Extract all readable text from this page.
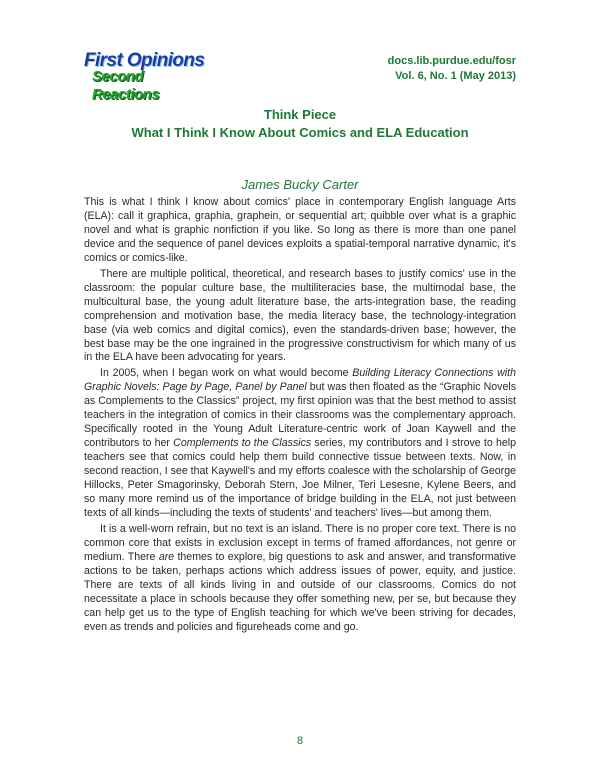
First Opinions
Second Reactions
docs.lib.purdue.edu/fosr
Vol. 6, No. 1 (May 2013)
Think Piece
What I Think I Know About Comics and ELA Education
James Bucky Carter

This is what I think I know about comics' place in contemporary English language Arts (ELA): call it graphica, graphia, graphein, or sequential art; quibble over what is a graphic novel and what is graphic nonfiction if you like. So long as there is more than one panel device and the sequence of panel devices exploits a spatial-temporal narrative dynamic, it's comics or comics-like.

There are multiple political, theoretical, and research bases to justify comics' use in the classroom: the popular culture base, the multiliteracies base, the multimodal base, the multicultural base, the young adult literature base, the arts-integration base, the reading comprehension and motivation base, the media literacy base, the technology-integration base (via web comics and digital comics), even the standards-driven base; however, the best base may be the one ingrained in the progressive constructivism for which many of us in the ELA have been advocating for years.

In 2005, when I began work on what would become Building Literacy Connections with Graphic Novels: Page by Page, Panel by Panel but was then floated as the “Graphic Novels as Complements to the Classics” project, my first opinion was that the best method to assist teachers in the integration of comics in their classrooms was the complementary approach. Specifically rooted in the Young Adult Literature-centric work of Joan Kaywell and the contributors to her Complements to the Classics series, my contributors and I strove to help teachers see that comics could help them build connective tissue between texts. Now, in second reaction, I see that Kaywell's and my efforts coalesce with the scholarship of George Hillocks, Peter Smagorinsky, Deborah Stern, Joe Milner, Teri Lesesne, Kylene Beers, and so many more remind us of the importance of bridge building in the ELA, not just between texts of all kinds—including the texts of students' and teachers' lives—but among them.

It is a well-worn refrain, but no text is an island. There is no proper core text. There is no common core that exists in exclusion except in terms of framed affordances, not genre or medium. There are themes to explore, big questions to ask and answer, and transformative actions to be taken, perhaps actions which address issues of power, equity, and justice. There are texts of all kinds living in and outside of our classrooms. Comics do not necessitate a place in schools because they offer something new, per se, but because they can help get us to the type of English teaching for which we've been striving for decades, even as trends and policies and figureheads come and go.

8
